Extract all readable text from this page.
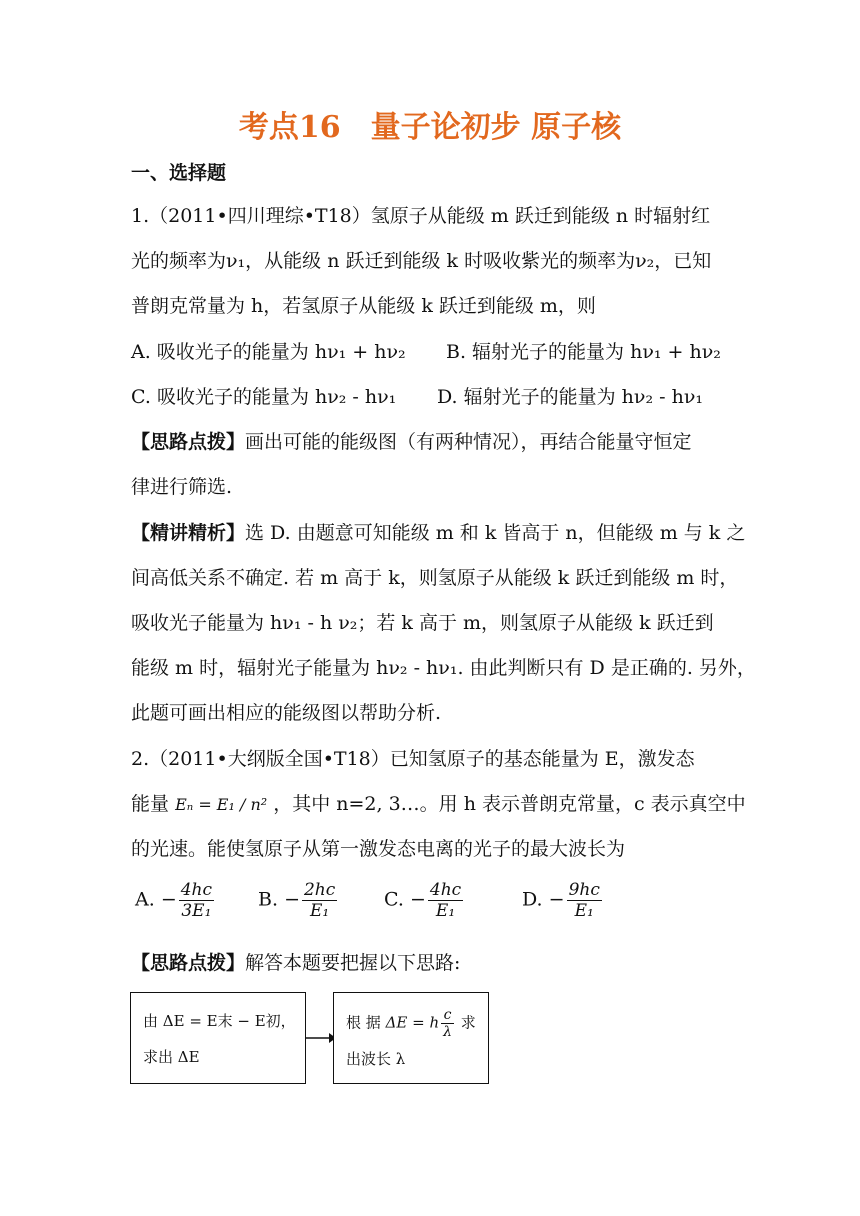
考点16　量子论初步 原子核
一、选择题
1.（2011•四川理综•T18）氢原子从能级 m 跃迁到能级 n 时辐射红
光的频率为ν₁，从能级 n 跃迁到能级 k 时吸收紫光的频率为ν₂，已知
普朗克常量为 h，若氢原子从能级 k 跃迁到能级 m，则
A. 吸收光子的能量为 hν₁ + hν₂ B. 辐射光子的能量为 hν₁ + hν₂
C. 吸收光子的能量为 hν₂ - hν₁ D. 辐射光子的能量为 hν₂ - hν₁
【思路点拨】画出可能的能级图（有两种情况），再结合能量守恒定
律进行筛选.
【精讲精析】选 D. 由题意可知能级 m 和 k 皆高于 n，但能级 m 与 k 之
间高低关系不确定. 若 m 高于 k，则氢原子从能级 k 跃迁到能级 m 时，
吸收光子能量为 hν₁ - h ν₂；若 k 高于 m，则氢原子从能级 k 跃迁到
能级 m 时，辐射光子能量为 hν₂ - hν₁. 由此判断只有 D 是正确的. 另外，
此题可画出相应的能级图以帮助分析.
2.（2011•大纲版全国•T18）已知氢原子的基态能量为 E，激发态
能量 Eₙ = E₁ / n² ，其中 n=2, 3…。用 h 表示普朗克常量，c 表示真空中
的光速。能使氢原子从第一激发态电离的光子的最大波长为
A. − $\frac{4hc}{\text{3E₁}} B$. − $\frac{2hc}{\text{E₁}} C$. − $\frac{4hc}{\text{E₁}}$	D. − $\frac{9hc}{\text{E₁}}$
【思路点拨】解答本题要把握以下思路:
由 ΔE = E末 − E初，
求出 ΔE
根 据 ΔE = h $\frac{c}{\lambda}$ 求
出波长 λ
